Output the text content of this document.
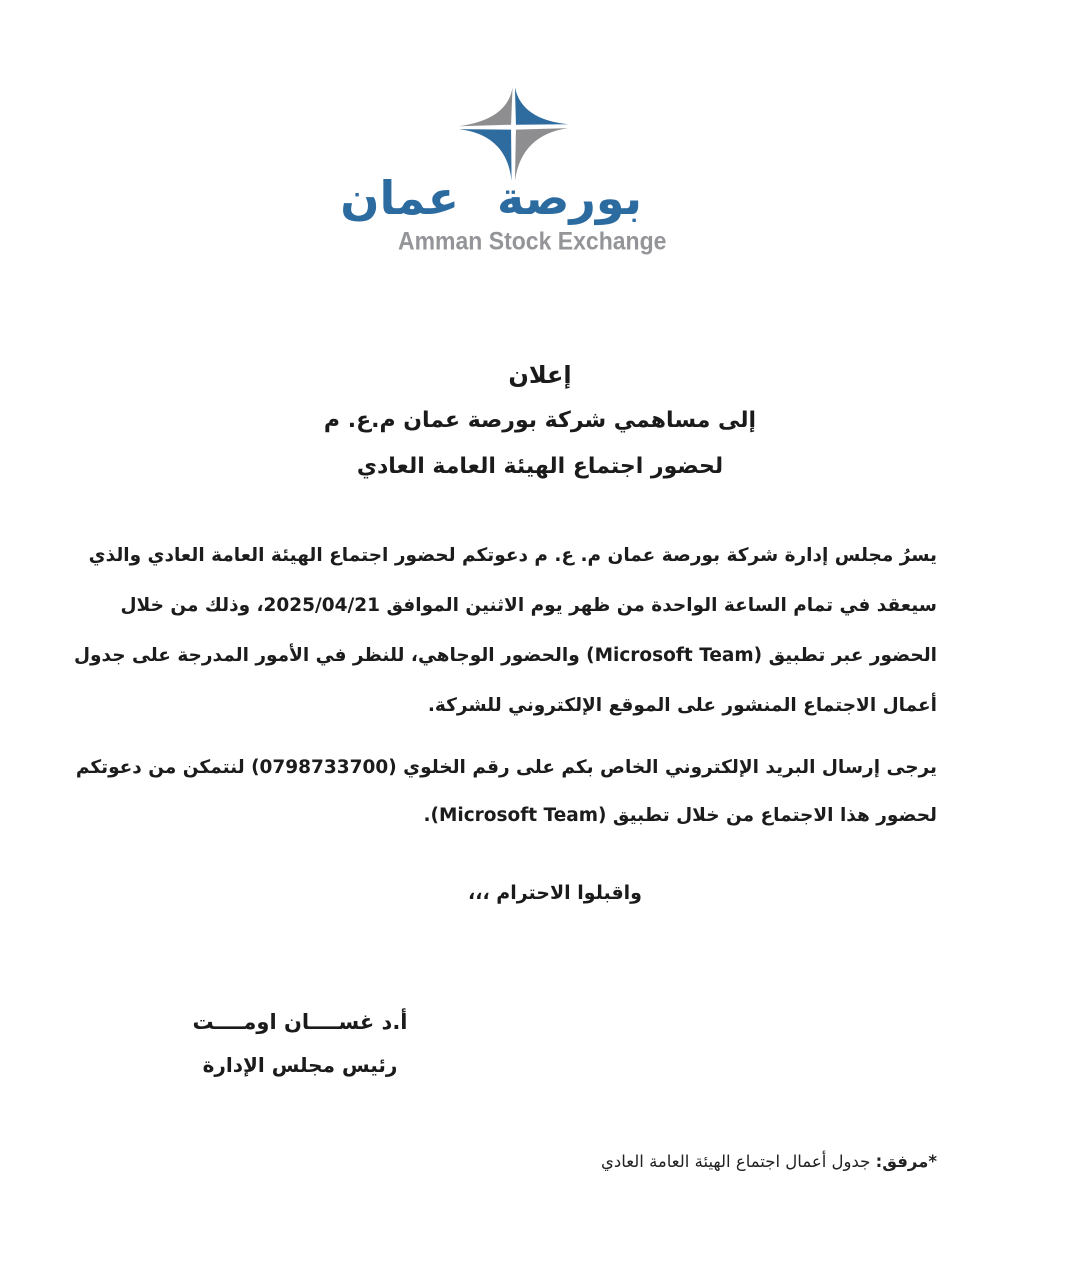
بورصة عمان
Amman Stock Exchange
إعلان
إلى مساهمي شركة بورصة عمان م.ع. م
لحضور اجتماع الهيئة العامة العادي
يسرُ مجلس إدارة شركة بورصة عمان م. ع. م دعوتكم لحضور اجتماع الهيئة العامة العادي والذي
سيعقد في تمام الساعة الواحدة من ظهر يوم الاثنين الموافق 2025/04/21، وذلك من خلال
الحضور عبر تطبيق (Microsoft Team) والحضور الوجاهي، للنظر في الأمور المدرجة على جدول
أعمال الاجتماع المنشور على الموقع الإلكتروني للشركة.
يرجى إرسال البريد الإلكتروني الخاص بكم على رقم الخلوي (0798733700) لنتمكن من دعوتكم
لحضور هذا الاجتماع من خلال تطبيق (Microsoft Team).
واقبلوا الاحترام ،،،
أ.د غســــان اومــــت
رئيس مجلس الإدارة
*مرفق: جدول أعمال اجتماع الهيئة العامة العادي
